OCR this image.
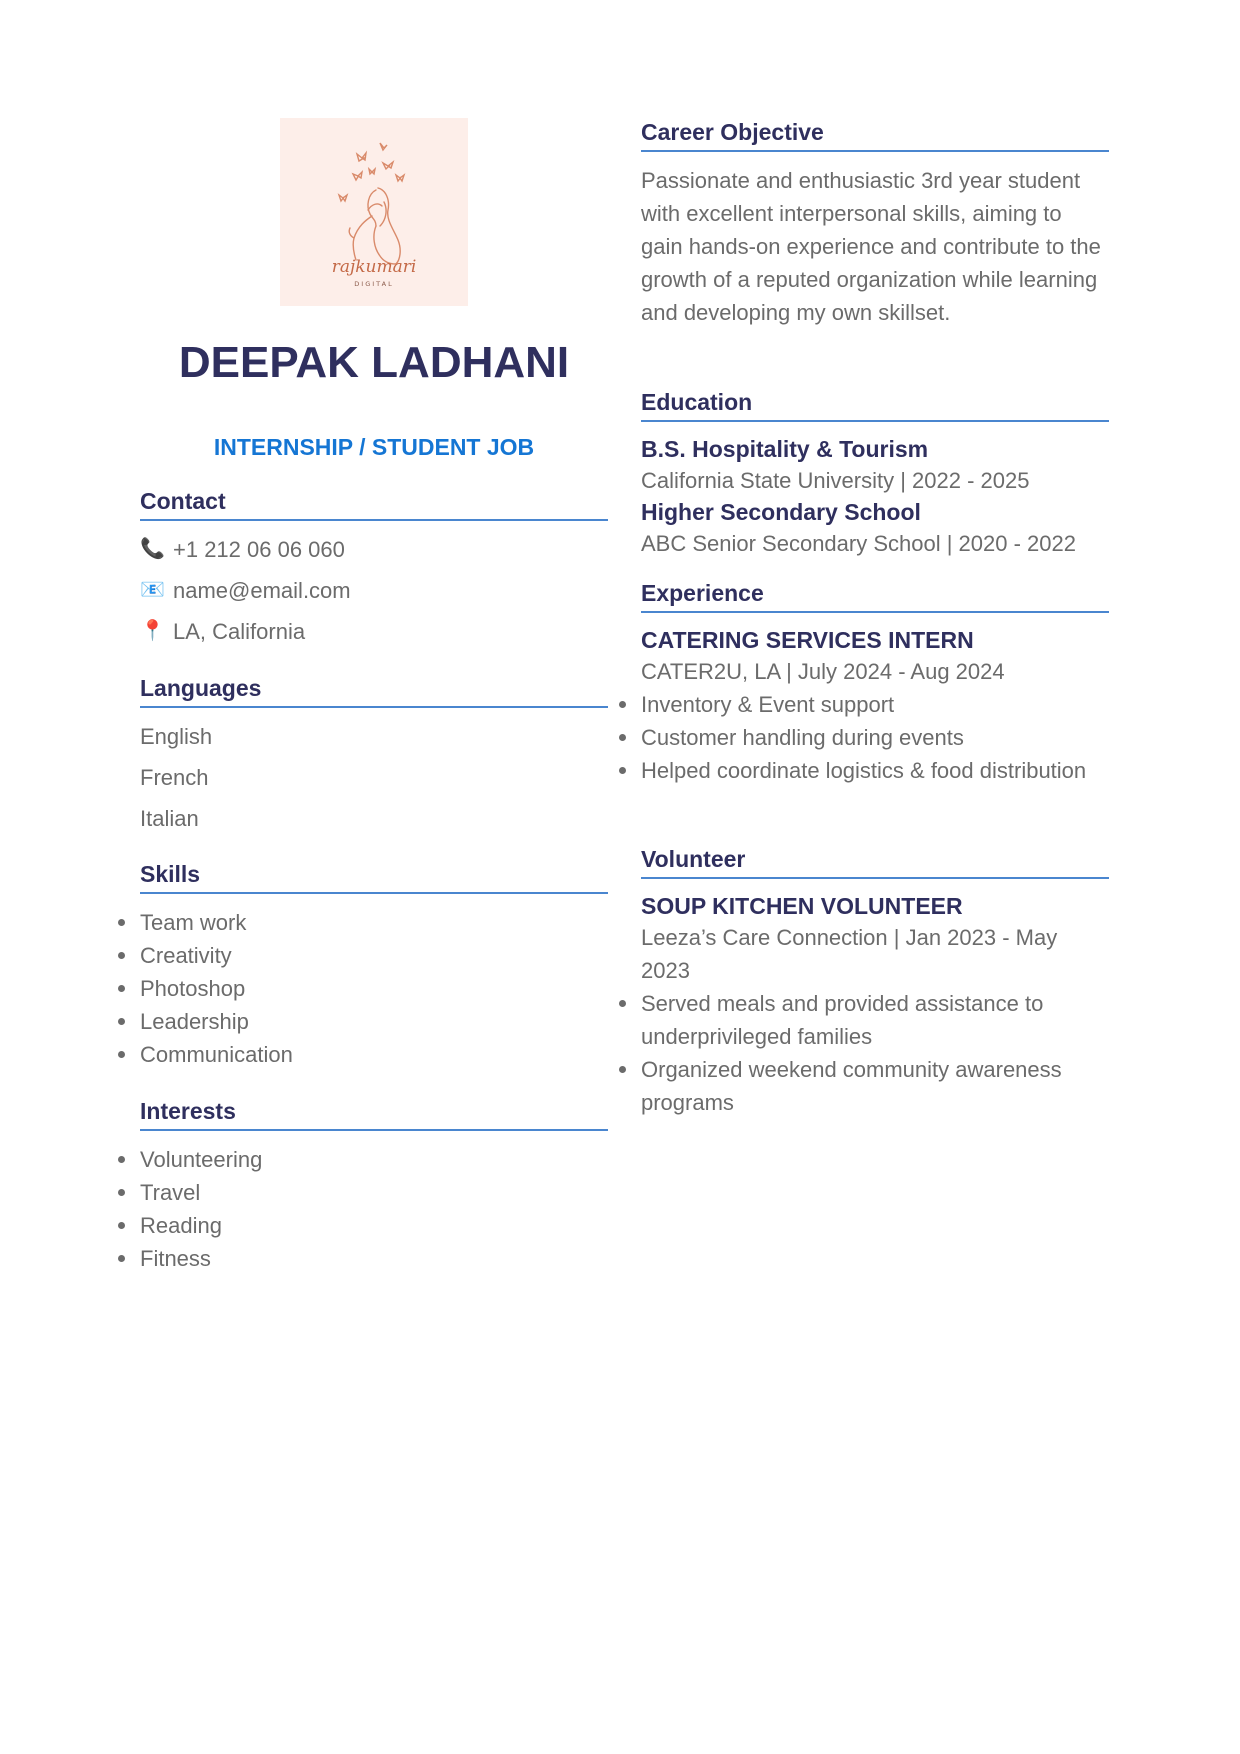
rajkumari
DIGITAL
DEEPAK LADHANI
INTERNSHIP / STUDENT JOB
Contact
📞 +1 212 06 06 060
📧 name@email.com
📍 LA, California
Languages
English
French
Italian
Skills
Team work
Creativity
Photoshop
Leadership
Communication
Interests
Volunteering
Travel
Reading
Fitness
Career Objective
Passionate and enthusiastic 3rd year student with excellent interpersonal skills, aiming to gain hands-on experience and contribute to the growth of a reputed organization while learning and developing my own skillset.
Education
B.S. Hospitality & Tourism
California State University | 2022 - 2025
Higher Secondary School
ABC Senior Secondary School | 2020 - 2022
Experience
CATERING SERVICES INTERN
CATER2U, LA | July 2024 - Aug 2024
Inventory & Event support
Customer handling during events
Helped coordinate logistics & food distribution
Volunteer
SOUP KITCHEN VOLUNTEER
Leeza’s Care Connection | Jan 2023 - May 2023
Served meals and provided assistance to underprivileged families
Organized weekend community awareness programs
